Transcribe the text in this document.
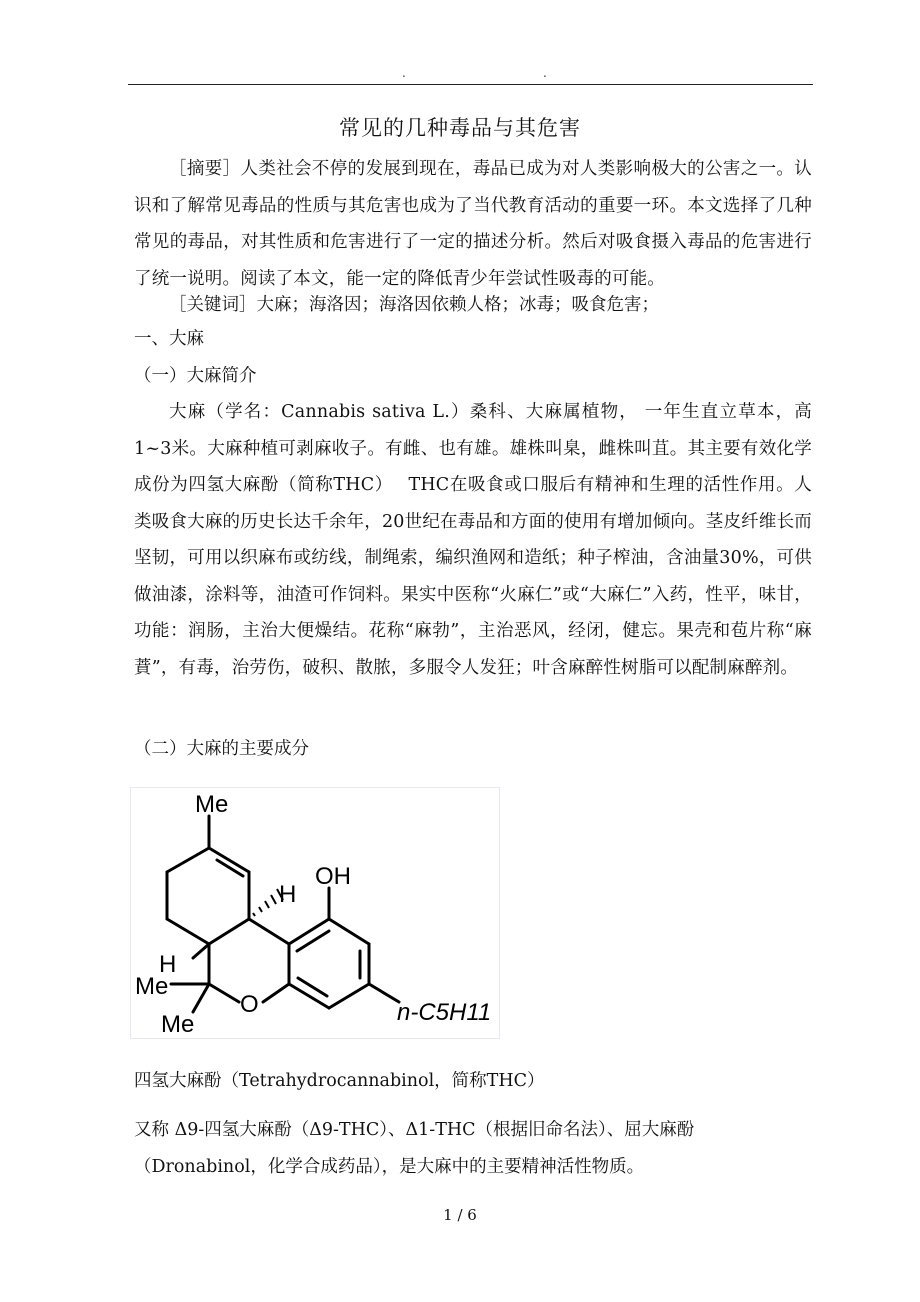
.	.
常见的几种毒品与其危害
［摘要］人类社会不停的发展到现在，毒品已成为对人类影响极大的公害之一。认识和了解常见毒品的性质与其危害也成为了当代教育活动的重要一环。本文选择了几种常见的毒品，对其性质和危害进行了一定的描述分析。然后对吸食摄入毒品的危害进行了统一说明。阅读了本文，能一定的降低青少年尝试性吸毒的可能。
［关键词］大麻；海洛因；海洛因依赖人格；冰毒；吸食危害；
一、大麻
（一）大麻简介
大麻（学名：Cannabis sativa L.）桑科、大麻属植物， 一年生直立草本，高1~3米。大麻种植可剥麻收子。有雌、也有雄。雄株叫臬，雌株叫苴。其主要有效化学成份为四氢大麻酚（简称THC）　 THC在吸食或口服后有精神和生理的活性作用。人类吸食大麻的历史长达千余年，20世纪在毒品和方面的使用有增加倾向。茎皮纤维长而坚韧，可用以织麻布或纺线，制绳索，编织渔网和造纸；种子榨油，含油量30%，可供做油漆，涂料等，油渣可作饲料。果实中医称“火麻仁”或“大麻仁”入药，性平，味甘，功能：润肠，主治大便燥结。花称“麻勃”，主治恶风，经闭，健忘。果壳和苞片称“麻蕡”，有毒，治劳伤，破积、散脓，多服令人发狂；叶含麻醉性树脂可以配制麻醉剂。
（二）大麻的主要成分
Me
OH
H
H
Me
Me
O	n-C5H11
四氢大麻酚（Tetrahydrocannabinol，简称THC）
又称 Δ9-四氢大麻酚（Δ9-THC）、Δ1-THC（根据旧命名法）、屈大麻酚
（Dronabinol，化学合成药品），是大麻中的主要精神活性物质。
1 / 6
